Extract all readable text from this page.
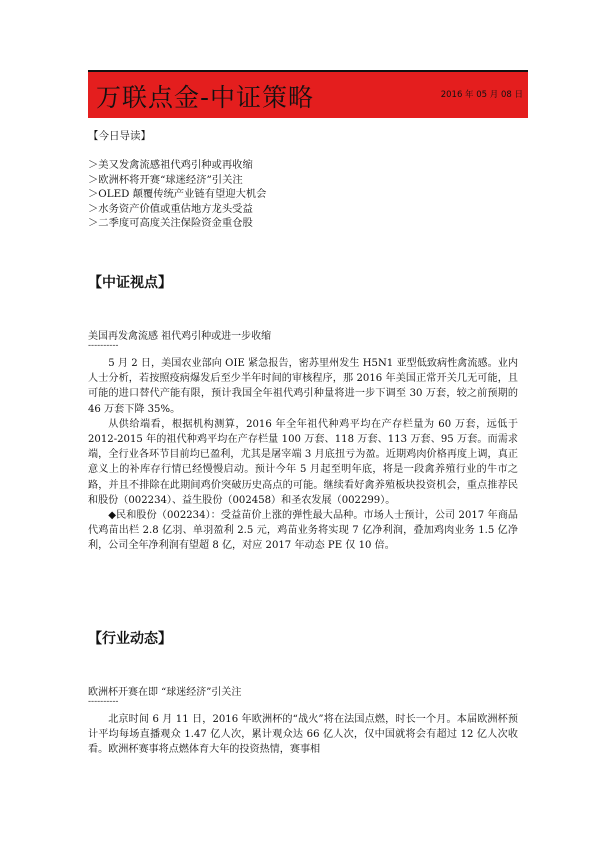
万联点金-中证策略	2016 年 05 月 08 日
【今日导读】
＞美又发禽流感祖代鸡引种或再收缩
＞欧洲杯将开赛“球迷经济”引关注
＞OLED 颠覆传统产业链有望迎大机会
＞水务资产价值或重估地方龙头受益
＞二季度可高度关注保险资金重仓股
【中证视点】
美国再发禽流感 祖代鸡引种或进一步收缩
----------

5 月 2 日，美国农业部向 OIE 紧急报告，密苏里州发生 H5N1 亚型低致病性禽流感。业内人士分析，若按照疫病爆发后至少半年时间的审核程序，那 2016 年美国正常开关几无可能，且可能的进口替代产能有限，预计我国全年祖代鸡引种量将进一步下调至 30 万套，较之前预期的 46 万套下降 35%。

从供给端看，根据机构测算，2016 年全年祖代种鸡平均在产存栏量为 60 万套，远低于 2012-2015 年的祖代种鸡平均在产存栏量 100 万套、118 万套、113 万套、95 万套。而需求端，全行业各环节目前均已盈利，尤其是屠宰端 3 月底扭亏为盈。近期鸡肉价格再度上调，真正意义上的补库存行情已经慢慢启动。预计今年 5 月起至明年底，将是一段禽养殖行业的牛市之路，并且不排除在此期间鸡价突破历史高点的可能。继续看好禽养殖板块投资机会，重点推荐民和股份（002234）、益生股份（002458）和圣农发展（002299）。

◆民和股份（002234）：受益苗价上涨的弹性最大品种。市场人士预计，公司 2017 年商品代鸡苗出栏 2.8 亿羽、单羽盈利 2.5 元，鸡苗业务将实现 7 亿净利润，叠加鸡肉业务 1.5 亿净利，公司全年净利润有望超 8 亿，对应 2017 年动态 PE 仅 10 倍。

【行业动态】
欧洲杯开赛在即 “球迷经济”引关注
----------

北京时间 6 月 11 日，2016 年欧洲杯的“战火”将在法国点燃，时长一个月。本届欧洲杯预计平均每场直播观众 1.47 亿人次，累计观众达 66 亿人次，仅中国就将会有超过 12 亿人次收看。欧洲杯赛事将点燃体育大年的投资热情，赛事相
